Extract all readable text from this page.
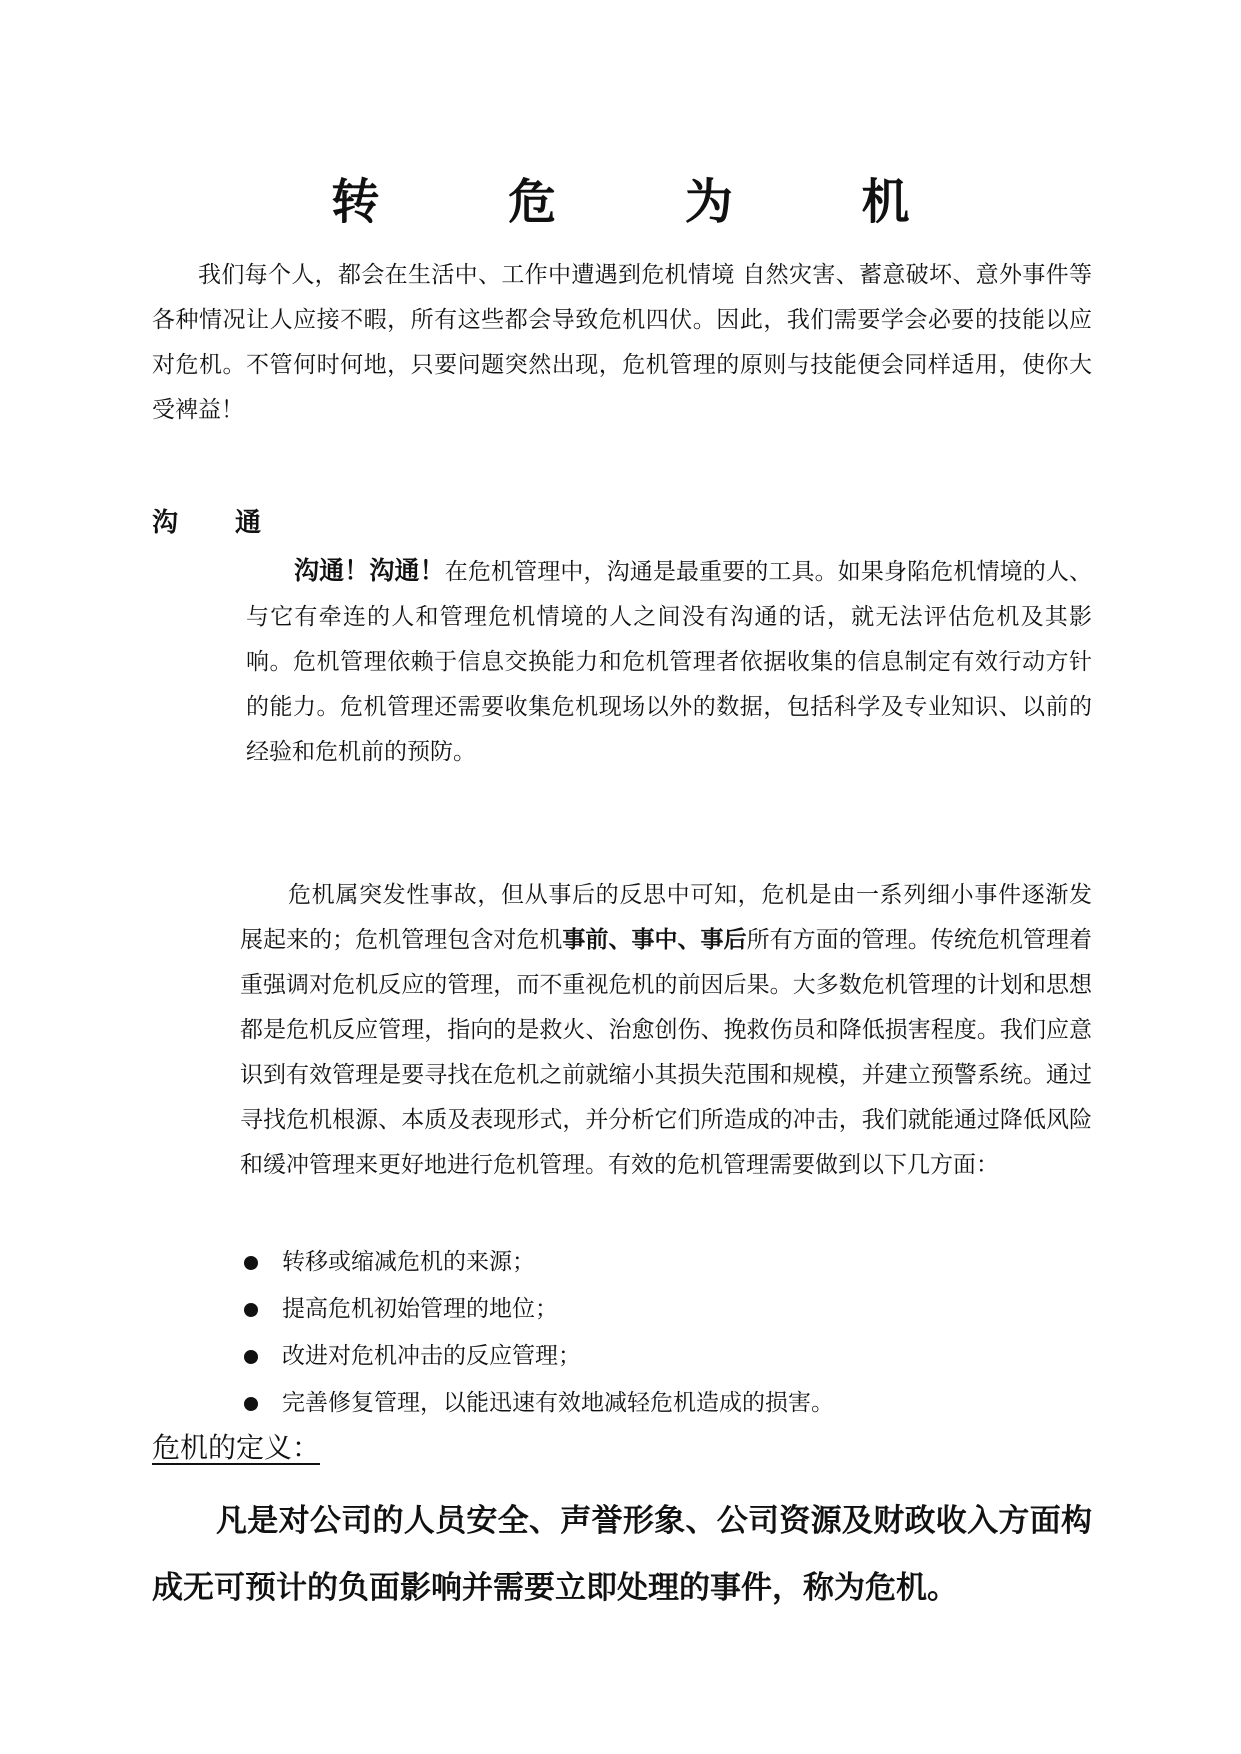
转 危 为 机

我们每个人，都会在生活中、工作中遭遇到危机情境 自然灾害、蓄意破坏、意外事件等各种情况让人应接不暇，所有这些都会导致危机四伏。因此，我们需要学会必要的技能以应对危机。不管何时何地，只要问题突然出现，危机管理的原则与技能便会同样适用，使你大受裨益！

沟 通

沟通！沟通！在危机管理中，沟通是最重要的工具。如果身陷危机情境的人、与它有牵连的人和管理危机情境的人之间没有沟通的话，就无法评估危机及其影响。危机管理依赖于信息交换能力和危机管理者依据收集的信息制定有效行动方针的能力。危机管理还需要收集危机现场以外的数据，包括科学及专业知识、以前的经验和危机前的预防。

危机属突发性事故，但从事后的反思中可知，危机是由一系列细小事件逐渐发展起来的；危机管理包含对危机事前、事中、事后所有方面的管理。传统危机管理着重强调对危机反应的管理，而不重视危机的前因后果。大多数危机管理的计划和思想都是危机反应管理，指向的是救火、治愈创伤、挽救伤员和降低损害程度。我们应意识到有效管理是要寻找在危机之前就缩小其损失范围和规模，并建立预警系统。通过寻找危机根源、本质及表现形式，并分析它们所造成的冲击，我们就能通过降低风险和缓冲管理来更好地进行危机管理。有效的危机管理需要做到以下几方面：

转移或缩减危机的来源；
提高危机初始管理的地位；
改进对危机冲击的反应管理；
完善修复管理，以能迅速有效地减轻危机造成的损害。
危机的定义：

凡是对公司的人员安全、声誉形象、公司资源及财政收入方面构成无可预计的负面影响并需要立即处理的事件，称为危机。
